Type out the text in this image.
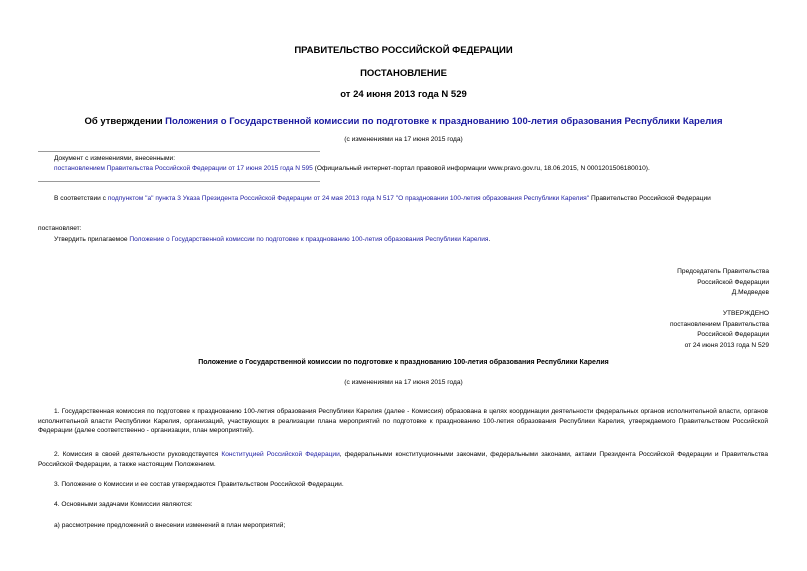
ПРАВИТЕЛЬСТВО РОССИЙСКОЙ ФЕДЕРАЦИИ
ПОСТАНОВЛЕНИЕ
от 24 июня 2013 года N 529
Об утверждении Положения о Государственной комиссии по подготовке к празднованию 100-летия образования Республики Карелия
(с изменениями на 17 июня 2015 года)
Документ с изменениями, внесенными:
постановлением Правительства Российской Федерации от 17 июня 2015 года N 595 (Официальный интернет-портал правовой информации www.pravo.gov.ru, 18.06.2015, N 0001201506180010).
В соответствии с подпунктом "а" пункта 3 Указа Президента Российской Федерации от 24 мая 2013 года N 517 "О праздновании 100-летия образования Республики Карелия" Правительство Российской Федерации
постановляет:
Утвердить прилагаемое Положение о Государственной комиссии по подготовке к празднованию 100-летия образования Республики Карелия.
Председатель Правительства
Российской Федерации
Д.Медведев
УТВЕРЖДЕНО
постановлением Правительства
Российской Федерации
от 24 июня 2013 года N 529
Положение о Государственной комиссии по подготовке к празднованию 100-летия образования Республики Карелия
(с изменениями на 17 июня 2015 года)
1. Государственная комиссия по подготовке к празднованию 100-летия образования Республики Карелия (далее - Комиссия) образована в целях координации деятельности федеральных органов исполнительной власти, органов исполнительной власти Республики Карелия, организаций, участвующих в реализации плана мероприятий по подготовке к празднованию 100-летия образования Республики Карелия, утверждаемого Правительством Российской Федерации (далее соответственно - организации, план мероприятий).
2. Комиссия в своей деятельности руководствуется Конституцией Российской Федерации, федеральными конституционными законами, федеральными законами, актами Президента Российской Федерации и Правительства Российской Федерации, а также настоящим Положением.
3. Положение о Комиссии и ее состав утверждаются Правительством Российской Федерации.
4. Основными задачами Комиссии являются:
а) рассмотрение предложений о внесении изменений в план мероприятий;
